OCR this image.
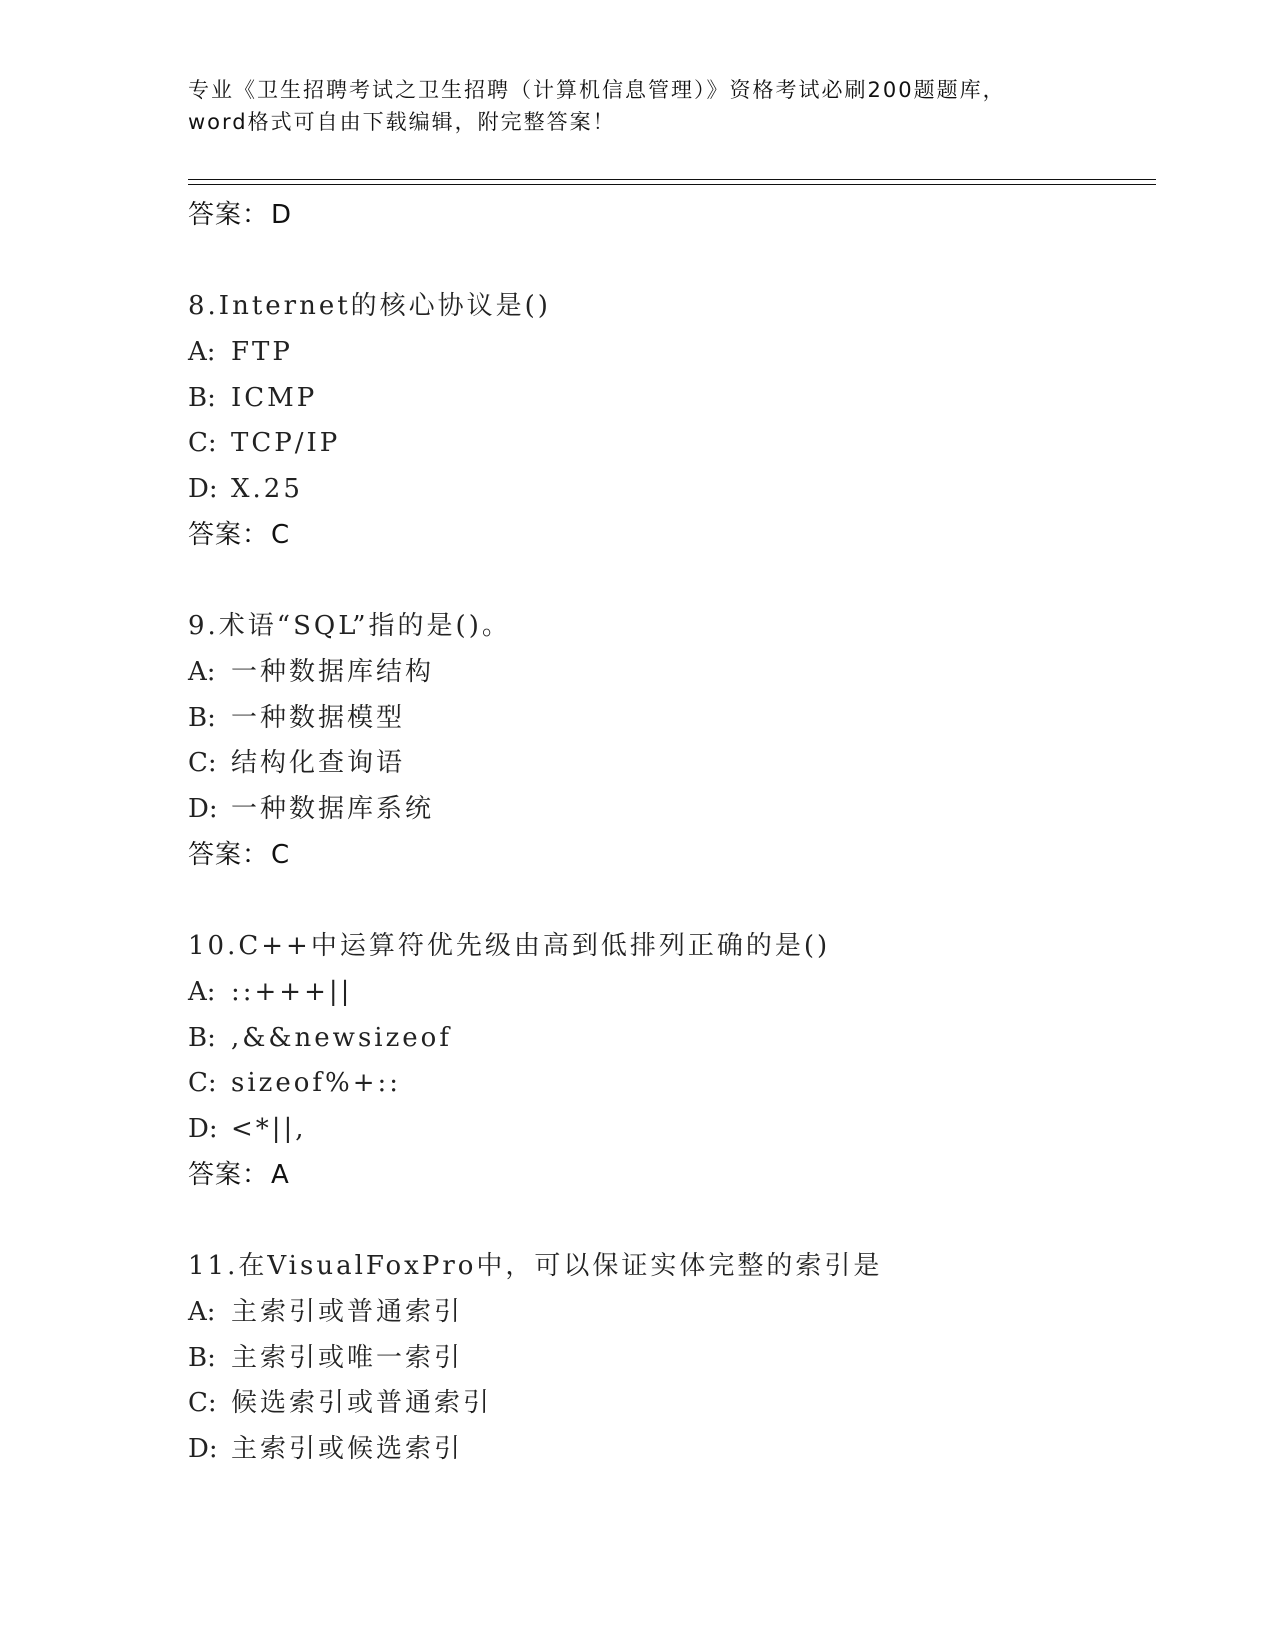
专业《卫生招聘考试之卫生招聘（计算机信息管理）》资格考试必刷200题题库，
word格式可自由下载编辑，附完整答案！
答案：D
8.Internet的核心协议是()
A: FTP
B: ICMP
C: TCP/IP
D: X.25
答案：C
9.术语“SQL”指的是()。
A: 一种数据库结构
B: 一种数据模型
C: 结构化查询语
D: 一种数据库系统
答案：C
10.C++中运算符优先级由高到低排列正确的是()
A: ::+++||
B: ,&&newsizeof
C: sizeof%+::
D: <*||,
答案：A
11.在VisualFoxPro中，可以保证实体完整的索引是
A: 主索引或普通索引
B: 主索引或唯一索引
C: 候选索引或普通索引
D: 主索引或候选索引
